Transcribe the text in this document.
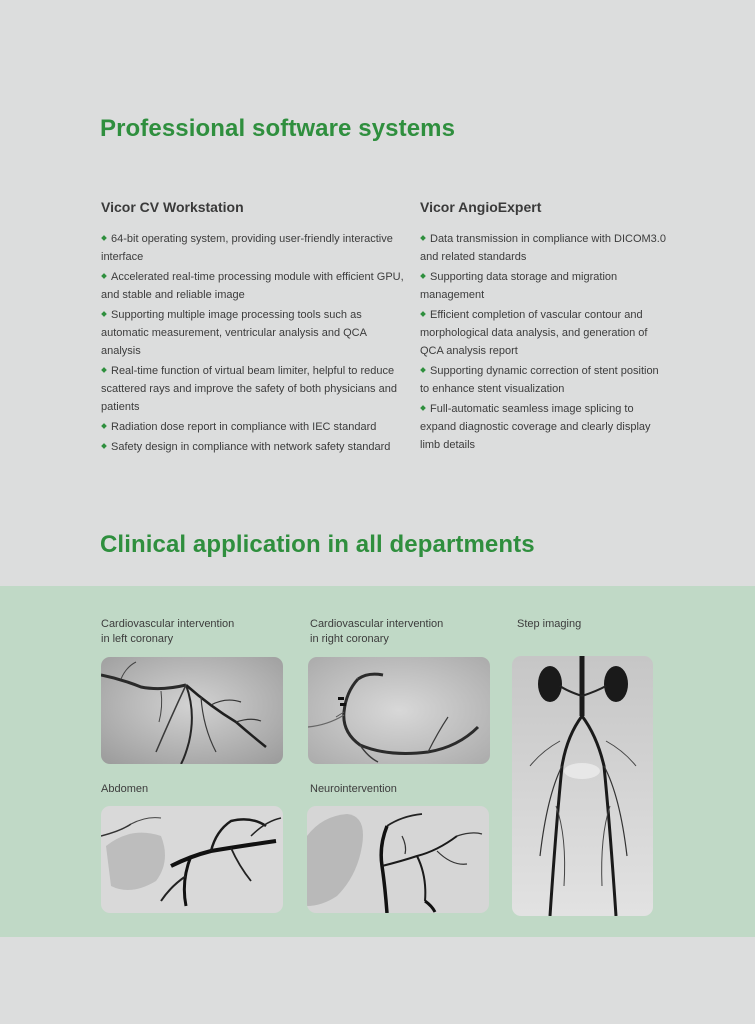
Professional software systems
Vicor CV Workstation
64-bit operating system, providing user-friendly interactive interface
Accelerated real-time processing module with efficient GPU, and stable and reliable image
Supporting multiple image processing tools such as automatic measurement, ventricular analysis and QCA analysis
Real-time function of virtual beam limiter, helpful to reduce scattered rays and improve the safety of both physicians and patients
Radiation dose report in compliance with IEC standard
Safety design in compliance with network safety standard
Vicor AngioExpert
Data transmission in compliance with DICOM3.0 and related standards
Supporting data storage and migration management
Efficient completion of vascular contour and morphological data analysis, and generation of QCA analysis report
Supporting dynamic correction of stent position to enhance stent visualization
Full-automatic seamless image splicing to expand diagnostic coverage and clearly display limb details
Clinical application in all departments
Cardiovascular intervention
in left coronary
Cardiovascular intervention
in right coronary
Step imaging
Abdomen	Neurointervention
